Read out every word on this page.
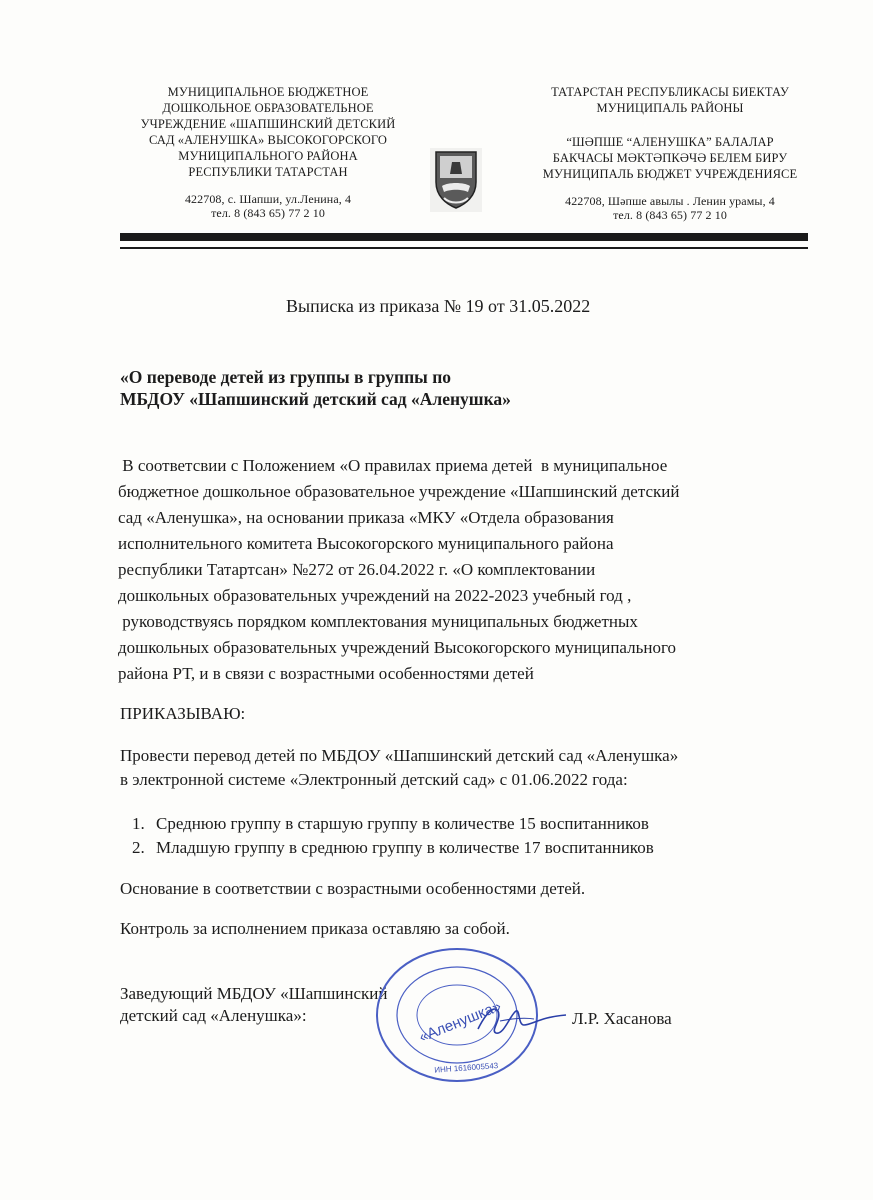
МУНИЦИПАЛЬНОЕ БЮДЖЕТНОЕ
ДОШКОЛЬНОЕ ОБРАЗОВАТЕЛЬНОЕ
УЧРЕЖДЕНИЕ «ШАПШИНСКИЙ ДЕТСКИЙ
САД «АЛЕНУШКА» ВЫСОКОГОРСКОГО
МУНИЦИПАЛЬНОГО РАЙОНА
РЕСПУБЛИКИ ТАТАРСТАН
422708, с. Шапши, ул.Ленина, 4
тел. 8 (843 65) 77 2 10
ТАТАРСТАН РЕСПУБЛИКАСЫ БИЕКТАУ
МУНИЦИПАЛЬ РАЙОНЫ
“ШӘПШЕ “АЛЕНУШКА” БАЛАЛАР
БАКЧАСЫ МӘКТӘПКӘЧӘ БЕЛЕМ БИРУ
МУНИЦИПАЛЬ БЮДЖЕТ УЧРЕЖДЕНИЯСЕ
422708, Шәпше авылы . Ленин урамы, 4
тел. 8 (843 65) 77 2 10
Выписка из приказа № 19 от 31.05.2022
«О переводе детей из группы в группы по
МБДОУ «Шапшинский детский сад «Аленушка»
В соответсвии с Положением «О правилах приема детей  в муниципальное
бюджетное дошкольное образовательное учреждение «Шапшинский детский
сад «Аленушка», на основании приказа «МКУ «Отдела образования
исполнительного комитета Высокогорского муниципального района
республики Татартсан» №272 от 26.04.2022 г. «О комплектовании
дошкольных образовательных учреждений на 2022-2023 учебный год ,
руководствуясь порядком комплектования муниципальных бюджетных
дошкольных образовательных учреждений Высокогорского муниципального
района РТ, и в связи с возрастными особенностями детей
ПРИКАЗЫВАЮ:
Провести перевод детей по МБДОУ «Шапшинский детский сад «Аленушка»
в электронной системе «Электронный детский сад» с 01.06.2022 года:
1. Среднюю группу в старшую группу в количестве 15 воспитанников
2. Младшую группу в среднюю группу в количестве 17 воспитанников
Основание в соответствии с возрастными особенностями детей.
Контроль за исполнением приказа оставляю за собой.
Заведующий МБДОУ «Шапшинский
детский сад «Аленушка»:	«Аленушка»
ИНН 1616005543
Л.Р. Хасанова
